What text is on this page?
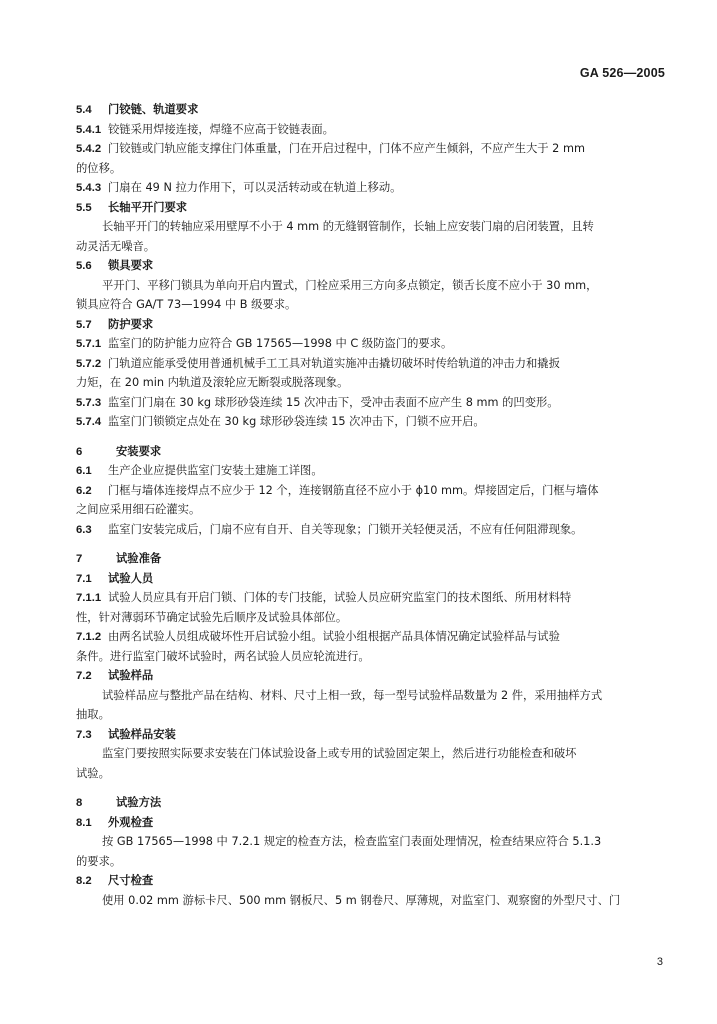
GA 526—2005
5.4 门铰链、轨道要求
5.4.1 铰链采用焊接连接，焊缝不应高于铰链表面。
5.4.2 门铰链或门轨应能支撑住门体重量，门在开启过程中，门体不应产生倾斜，不应产生大于 2 mm
的位移。
5.4.3 门扇在 49 N 拉力作用下，可以灵活转动或在轨道上移动。
5.5 长轴平开门要求
长轴平开门的转轴应采用壁厚不小于 4 mm 的无缝钢管制作，长轴上应安装门扇的启闭装置，且转
动灵活无噪音。
5.6 锁具要求
平开门、平移门锁具为单向开启内置式，门栓应采用三方向多点锁定，锁舌长度不应小于 30 mm，
锁具应符合 GA/T 73—1994 中 B 级要求。
5.7 防护要求
5.7.1 监室门的防护能力应符合 GB 17565—1998 中 C 级防盗门的要求。
5.7.2 门轨道应能承受使用普通机械手工工具对轨道实施冲击撬切破坏时传给轨道的冲击力和撬扳
力矩，在 20 min 内轨道及滚轮应无断裂或脱落现象。
5.7.3 监室门门扇在 30 kg 球形砂袋连续 15 次冲击下，受冲击表面不应产生 8 mm 的凹变形。
5.7.4 监室门门锁锁定点处在 30 kg 球形砂袋连续 15 次冲击下，门锁不应开启。
6	安装要求
6.1 生产企业应提供监室门安装土建施工详图。
6.2 门框与墙体连接焊点不应少于 12 个，连接钢筋直径不应小于 ϕ10 mm。焊接固定后，门框与墙体
之间应采用细石砼灌实。
6.3 监室门安装完成后，门扇不应有自开、自关等现象；门锁开关轻便灵活，不应有任何阻滞现象。
7	试验准备
7.1 试验人员
7.1.1 试验人员应具有开启门锁、门体的专门技能，试验人员应研究监室门的技术图纸、所用材料特
性，针对薄弱环节确定试验先后顺序及试验具体部位。
7.1.2 由两名试验人员组成破坏性开启试验小组。试验小组根据产品具体情况确定试验样品与试验
条件。进行监室门破坏试验时，两名试验人员应轮流进行。
7.2 试验样品
试验样品应与整批产品在结构、材料、尺寸上相一致，每一型号试验样品数量为 2 件，采用抽样方式
抽取。
7.3 试验样品安装
监室门要按照实际要求安装在门体试验设备上或专用的试验固定架上，然后进行功能检查和破坏
试验。
8	试验方法
8.1 外观检查
按 GB 17565—1998 中 7.2.1 规定的检查方法，检查监室门表面处理情况，检查结果应符合 5.1.3
的要求。
8.2 尺寸检查
使用 0.02 mm 游标卡尺、500 mm 钢板尺、5 m 钢卷尺、厚薄规，对监室门、观察窗的外型尺寸、门
3
